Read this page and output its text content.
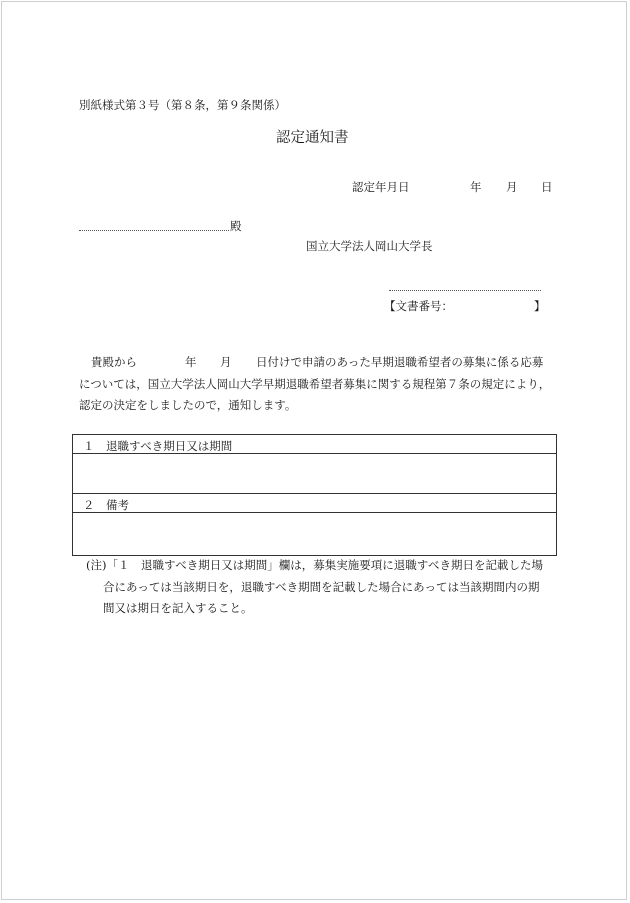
別紙様式第３号（第８条，第９条関係）
認定通知書
認定年月日	年 月 日
殿
国立大学法人岡山大学長
【文書番号：	】
貴殿から	年 月 日付けで申請のあった早期退職希望者の募集に係る応募
については，国立大学法人岡山大学早期退職希望者募集に関する規程第７条の規定により，
認定の決定をしましたので，通知します。
１　退職すべき期日又は期間
２　備考
(注)「１　退職すべき期日又は期間」欄は，募集実施要項に退職すべき期日を記載した場
合にあっては当該期日を，退職すべき期間を記載した場合にあっては当該期間内の期
間又は期日を記入すること。
